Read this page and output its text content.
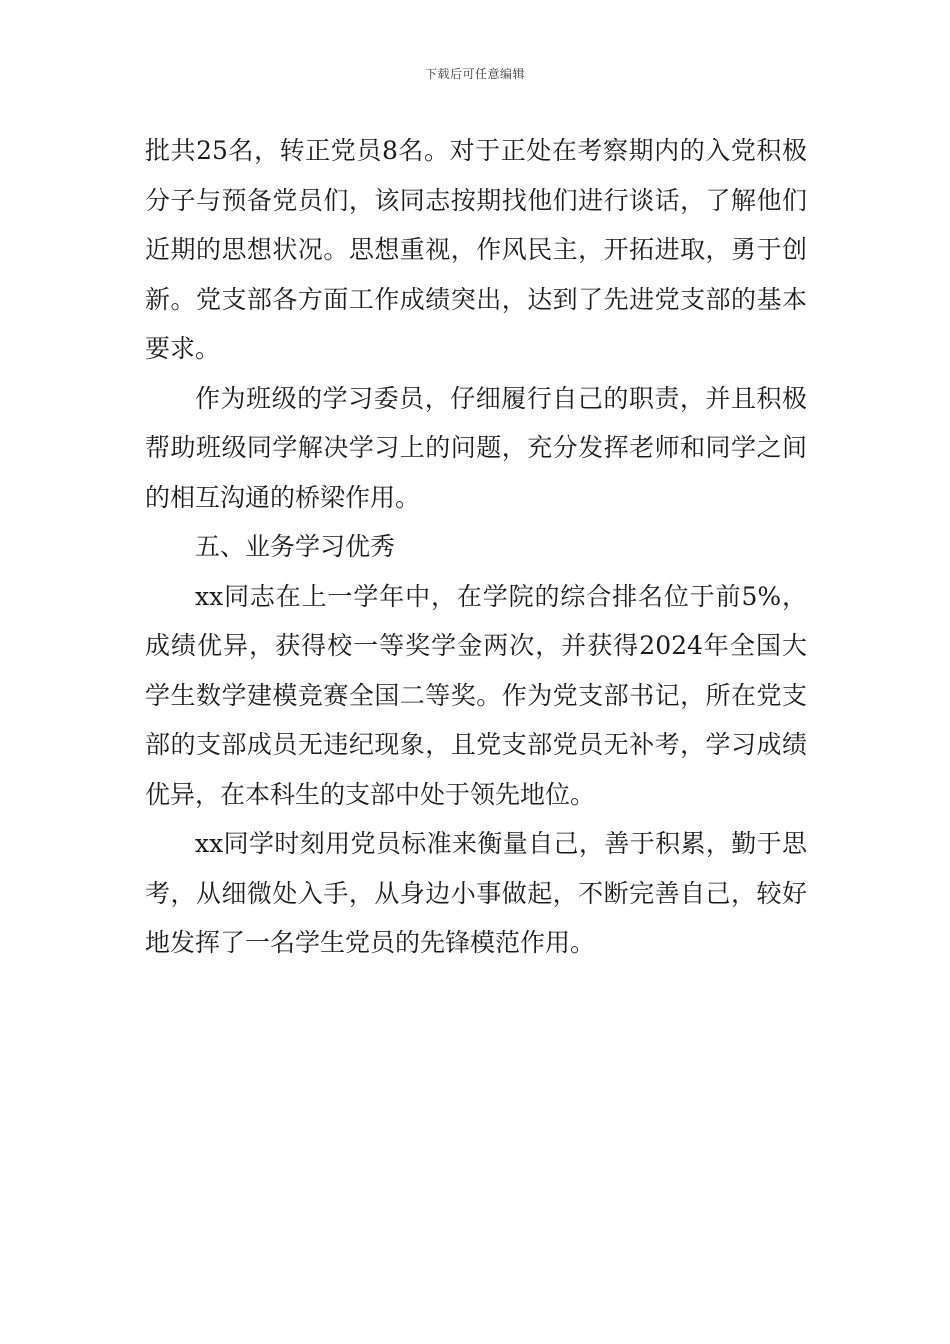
下载后可任意编辑

批共25名，转正党员8名。对于正处在考察期内的入党积极分子与预备党员们，该同志按期找他们进行谈话，了解他们近期的思想状况。思想重视，作风民主，开拓进取，勇于创新。党支部各方面工作成绩突出，达到了先进党支部的基本要求。

作为班级的学习委员，仔细履行自己的职责，并且积极帮助班级同学解决学习上的问题，充分发挥老师和同学之间的相互沟通的桥梁作用。

五、业务学习优秀

xx同志在上一学年中，在学院的综合排名位于前5%，成绩优异，获得校一等奖学金两次，并获得2024年全国大学生数学建模竞赛全国二等奖。作为党支部书记，所在党支部的支部成员无违纪现象，且党支部党员无补考，学习成绩优异，在本科生的支部中处于领先地位。

xx同学时刻用党员标准来衡量自己，善于积累，勤于思考，从细微处入手，从身边小事做起，不断完善自己，较好地发挥了一名学生党员的先锋模范作用。
